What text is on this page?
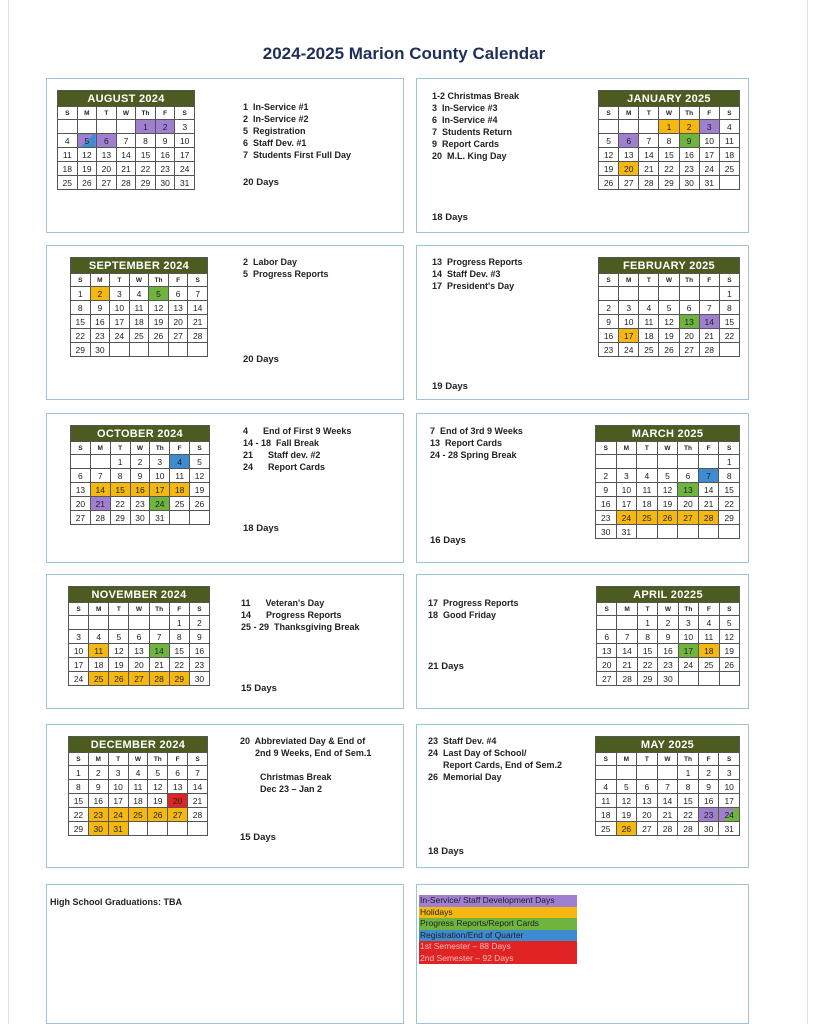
2024-2025 Marion County Calendar
AUGUST 2024						
S	M	T	W	Th	F	S
				1	2	3
4	5	6	7	8	9	10
11	12	13	14	15	16	17
18	19	20	21	22	23	24
25	26	27	28	29	30	31
SEPTEMBER 2024						
S	M	T	W	Th	F	S
1	2	3	4	5	6	7
8	9	10	11	12	13	14
15	16	17	18	19	20	21
22	23	24	25	26	27	28
29	30					
OCTOBER 2024						
S	M	T	W	Th	F	S
		1	2	3	4	5
6	7	8	9	10	11	12
13	14	15	16	17	18	19
20	21	22	23	24	25	26
27	28	29	30	31		
NOVEMBER 2024						
S	M	T	W	Th	F	S
					1	2
3	4	5	6	7	8	9
10	11	12	13	14	15	16
17	18	19	20	21	22	23
24	25	26	27	28	29	30
DECEMBER 2024						
S	M	T	W	Th	F	S
1	2	3	4	5	6	7
8	9	10	11	12	13	14
15	16	17	18	19	20	21
22	23	24	25	26	27	28
29	30	31				
JANUARY 2025						
S	M	T	W	Th	F	S
			1	2	3	4
5	6	7	8	9	10	11
12	13	14	15	16	17	18
19	20	21	22	23	24	25
26	27	28	29	30	31	
FEBRUARY 2025						
S	M	T	W	Th	F	S
						1
2	3	4	5	6	7	8
9	10	11	12	13	14	15
16	17	18	19	20	21	22
23	24	25	26	27	28	
MARCH 2025						
S	M	T	W	Th	F	S
						1
2	3	4	5	6	7	8
9	10	11	12	13	14	15
16	17	18	19	20	21	22
23	24	25	26	27	28	29
30	31					
APRIL 20225						
S	M	T	W	Th	F	S
		1	2	3	4	5
6	7	8	9	10	11	12
13	14	15	16	17	18	19
20	21	22	23	24	25	26
27	28	29	30			
MAY 2025						
S	M	T	W	Th	F	S
				1	2	3
4	5	6	7	8	9	10
11	12	13	14	15	16	17
18	19	20	21	22	23	24
25	26	27	28	28	30	31
1  In-Service #1
2  In-Service #2
5  Registration
6  Staff Dev. #1
7  Students First Full Day
20 Days
1-2 Christmas Break
3  In-Service #3
6  In-Service #4
7  Students Return
9  Report Cards
20  M.L. King Day
18 Days
2  Labor Day
5  Progress Reports
20 Days
13  Progress Reports
14  Staff Dev. #3
17  President's Day
19 Days
4      End of First 9 Weeks
14 - 18  Fall Break
21      Staff dev. #2
24      Report Cards
18 Days
7  End of 3rd 9 Weeks
13  Report Cards
24 - 28 Spring Break
16 Days
11      Veteran's Day
14      Progress Reports
25 - 29  Thanksgiving Break
15 Days
17  Progress Reports
18  Good Friday
21 Days
20  Abbreviated Day & End of
2nd 9 Weeks, End of Sem.1

Christmas Break
Dec 23 – Jan 2
15 Days
23  Staff Dev. #4
24  Last Day of School/
Report Cards, End of Sem.2
26  Memorial Day
18 Days
High School Graduations: TBA	In-Service/ Staff Development Days
Holidays
Progress Reports/Report Cards
Registration/End of Quarter
1st Semester – 88 Days
2nd Semester – 92 Days
